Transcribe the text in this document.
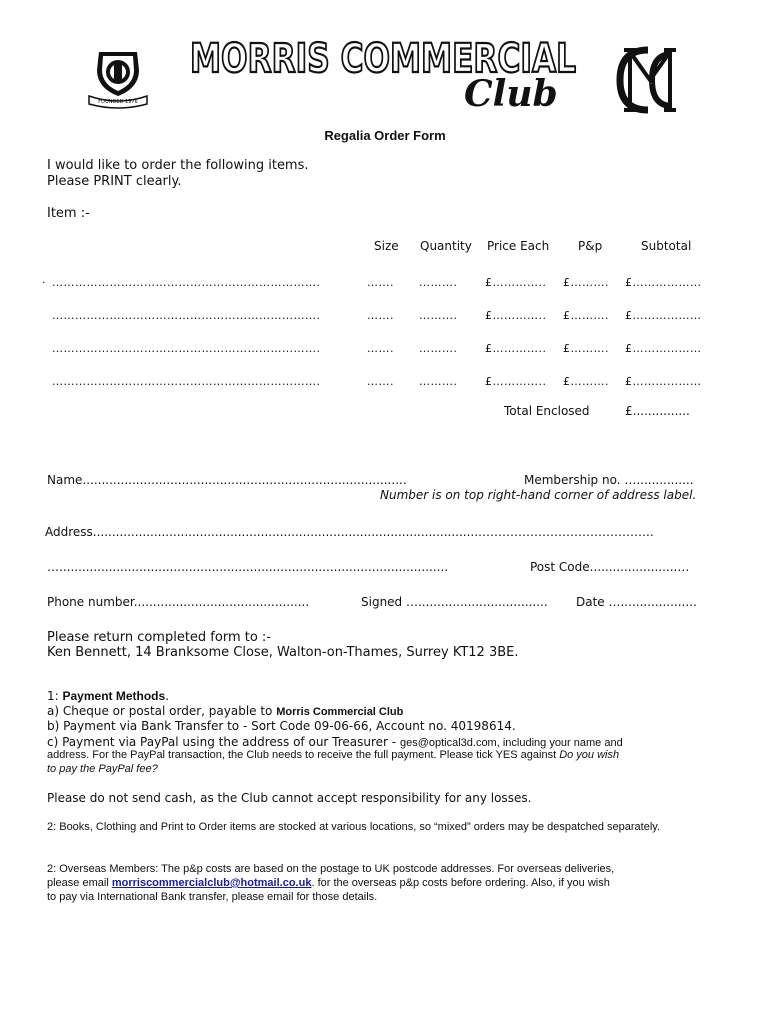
FOUNDED 1976
MORRIS COMMERCIAL
Club	MCC
Regalia Order Form
I would like to order the following items.
Please PRINT clearly.
Item :-
Size Quantity Price Each P&p	Subtotal
· …………………………………………………………….	……. ……….	£………….. £………. £………………
…………………………………………………………….	……. ……….	£………….. £………. £………………
…………………………………………………………….	……. ……….	£………….. £………. £………………
…………………………………………………………….	……. ……….	£………….. £………. £………………
Total Enclosed	£...............
Name.....................................................................................	Membership no. …...............
Number is on top right-hand corner of address label.
Address.....................................................................................................……………………………………..
…......................................................................................................	Post Code.......................…
Phone number..............................................	Signed ….................................. Date …....................
Please return completed form to :-
Ken Bennett, 14 Branksome Close, Walton-on-Thames, Surrey KT12 3BE.
1: Payment Methods.
a) Cheque or postal order, payable to Morris Commercial Club
b) Payment via Bank Transfer to - Sort Code 09-06-66, Account no. 40198614.
c) Payment via PayPal using the address of our Treasurer - ges@optical3d.com, including your name and
address. For the PayPal transaction, the Club needs to receive the full payment. Please tick YES against Do you wish
to pay the PayPal fee?
Please do not send cash, as the Club cannot accept responsibility for any losses.
2: Books, Clothing and Print to Order items are stocked at various locations, so “mixed” orders may be despatched separately.
2: Overseas Members: The p&p costs are based on the postage to UK postcode addresses. For overseas deliveries,
please email morriscommercialclub@hotmail.co.uk. for the overseas p&p costs before ordering. Also, if you wish
to pay via International Bank transfer, please email for those details.
